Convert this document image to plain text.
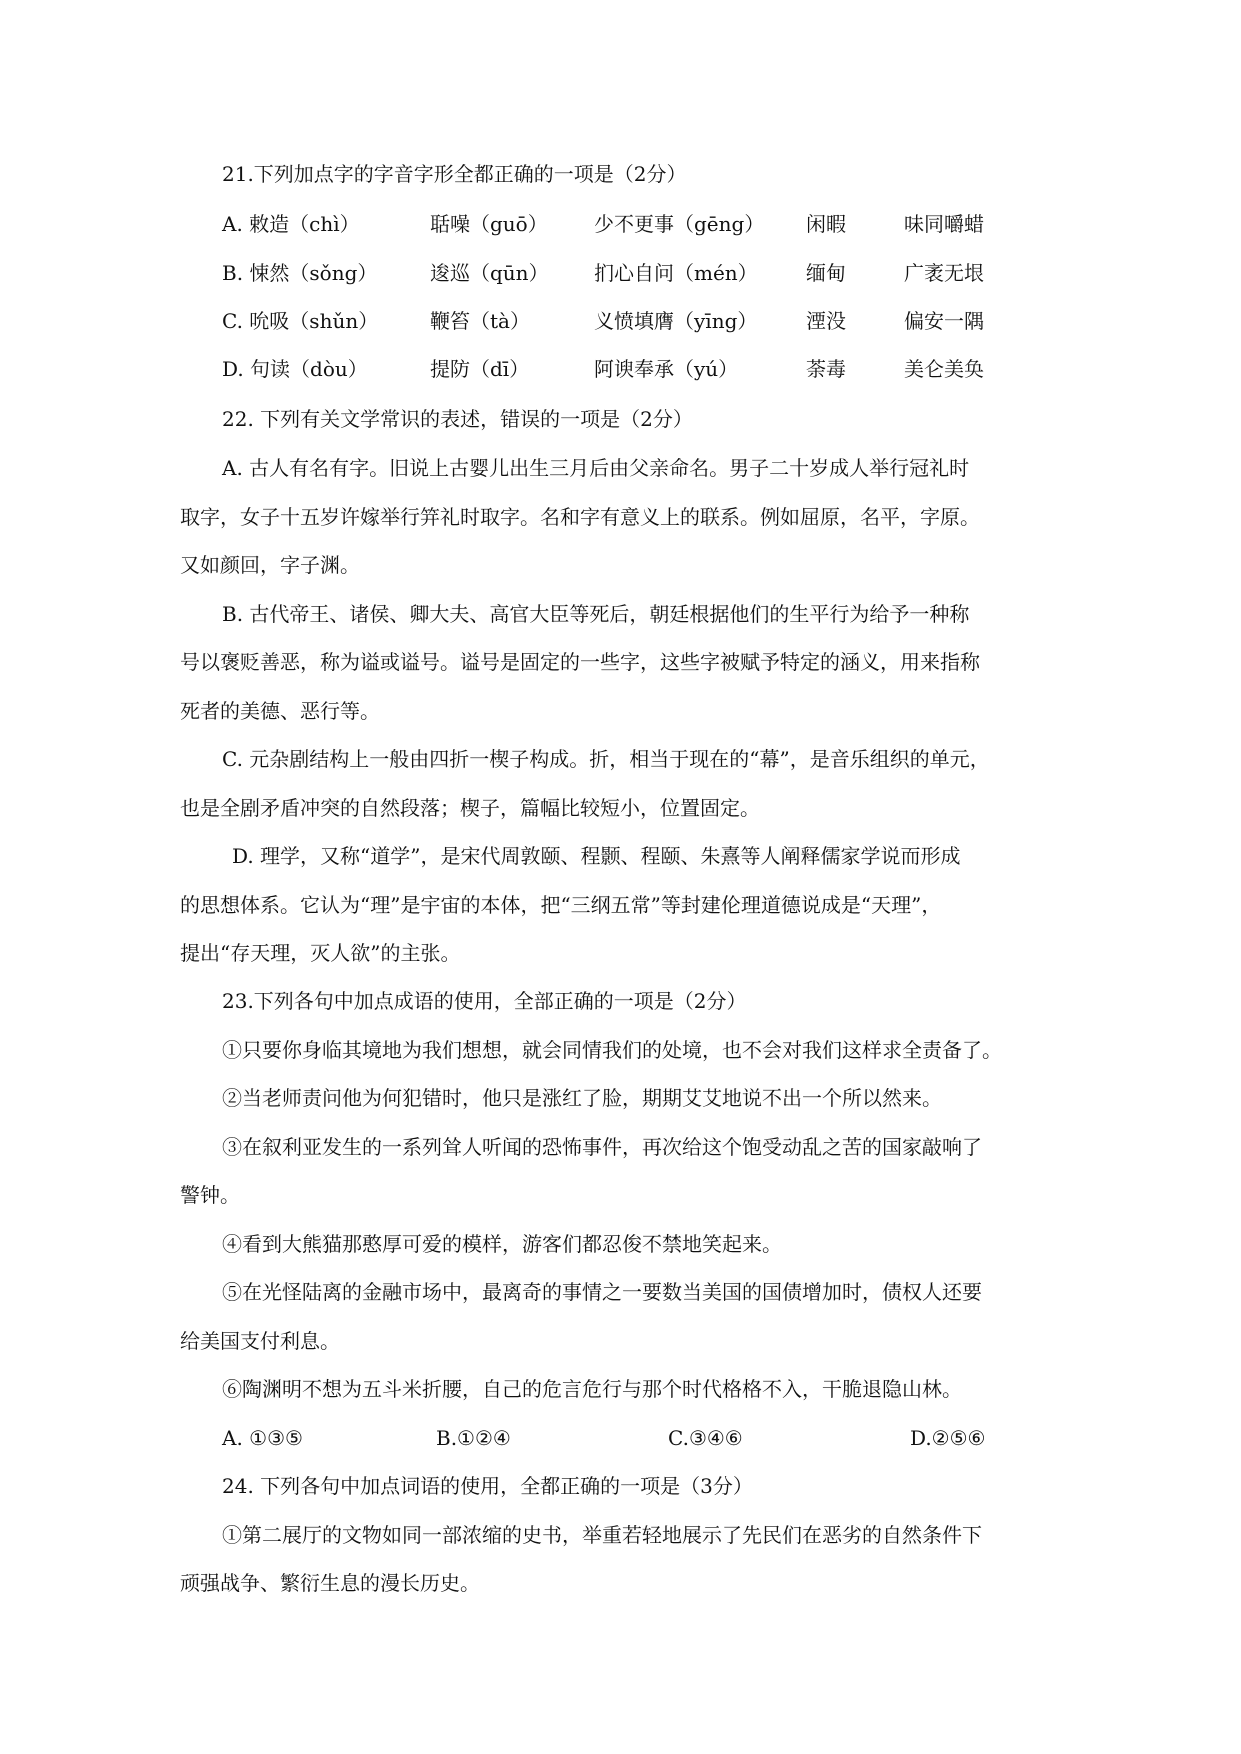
21.下列加点字的字音字形全都正确的一项是（2分）
A. 敕造（chì）	聒噪（guō） 少不更事（gēng） 闲暇	味同嚼蜡
B. 悚然（sǒng）	逡巡（qūn） 扪心自问（mén） 缅甸	广袤无垠
C. 吮吸（shǔn）	鞭笞（tà）	义愤填膺（yīng） 湮没	偏安一隅
D. 句读（dòu）	提防（dī）	阿谀奉承（yú）	荼毒	美仑美奂
22. 下列有关文学常识的表述，错误的一项是（2分）
A. 古人有名有字。旧说上古婴儿出生三月后由父亲命名。男子二十岁成人举行冠礼时
取字，女子十五岁许嫁举行笄礼时取字。名和字有意义上的联系。例如屈原，名平，字原。
又如颜回，字子渊。
B. 古代帝王、诸侯、卿大夫、高官大臣等死后，朝廷根据他们的生平行为给予一种称
号以褒贬善恶，称为谥或谥号。谥号是固定的一些字，这些字被赋予特定的涵义，用来指称
死者的美德、恶行等。
C. 元杂剧结构上一般由四折一楔子构成。折，相当于现在的“幕”，是音乐组织的单元，
也是全剧矛盾冲突的自然段落；楔子，篇幅比较短小，位置固定。
D. 理学，又称“道学”，是宋代周敦颐、程颢、程颐、朱熹等人阐释儒家学说而形成
的思想体系。它认为“理”是宇宙的本体，把“三纲五常”等封建伦理道德说成是“天理”，
提出“存天理，灭人欲”的主张。
23.下列各句中加点成语的使用，全部正确的一项是（2分）
①只要你身临其境地为我们想想，就会同情我们的处境，也不会对我们这样求全责备了。
②当老师责问他为何犯错时，他只是涨红了脸，期期艾艾地说不出一个所以然来。
③在叙利亚发生的一系列耸人听闻的恐怖事件，再次给这个饱受动乱之苦的国家敲响了
警钟。
④看到大熊猫那憨厚可爱的模样，游客们都忍俊不禁地笑起来。
⑤在光怪陆离的金融市场中，最离奇的事情之一要数当美国的国债增加时，债权人还要
给美国支付利息。
⑥陶渊明不想为五斗米折腰，自己的危言危行与那个时代格格不入，干脆退隐山林。
A. ①③⑤	B.①②④	C.③④⑥	D.②⑤⑥
24. 下列各句中加点词语的使用，全都正确的一项是（3分）
①第二展厅的文物如同一部浓缩的史书，举重若轻地展示了先民们在恶劣的自然条件下
顽强战争、繁衍生息的漫长历史。
